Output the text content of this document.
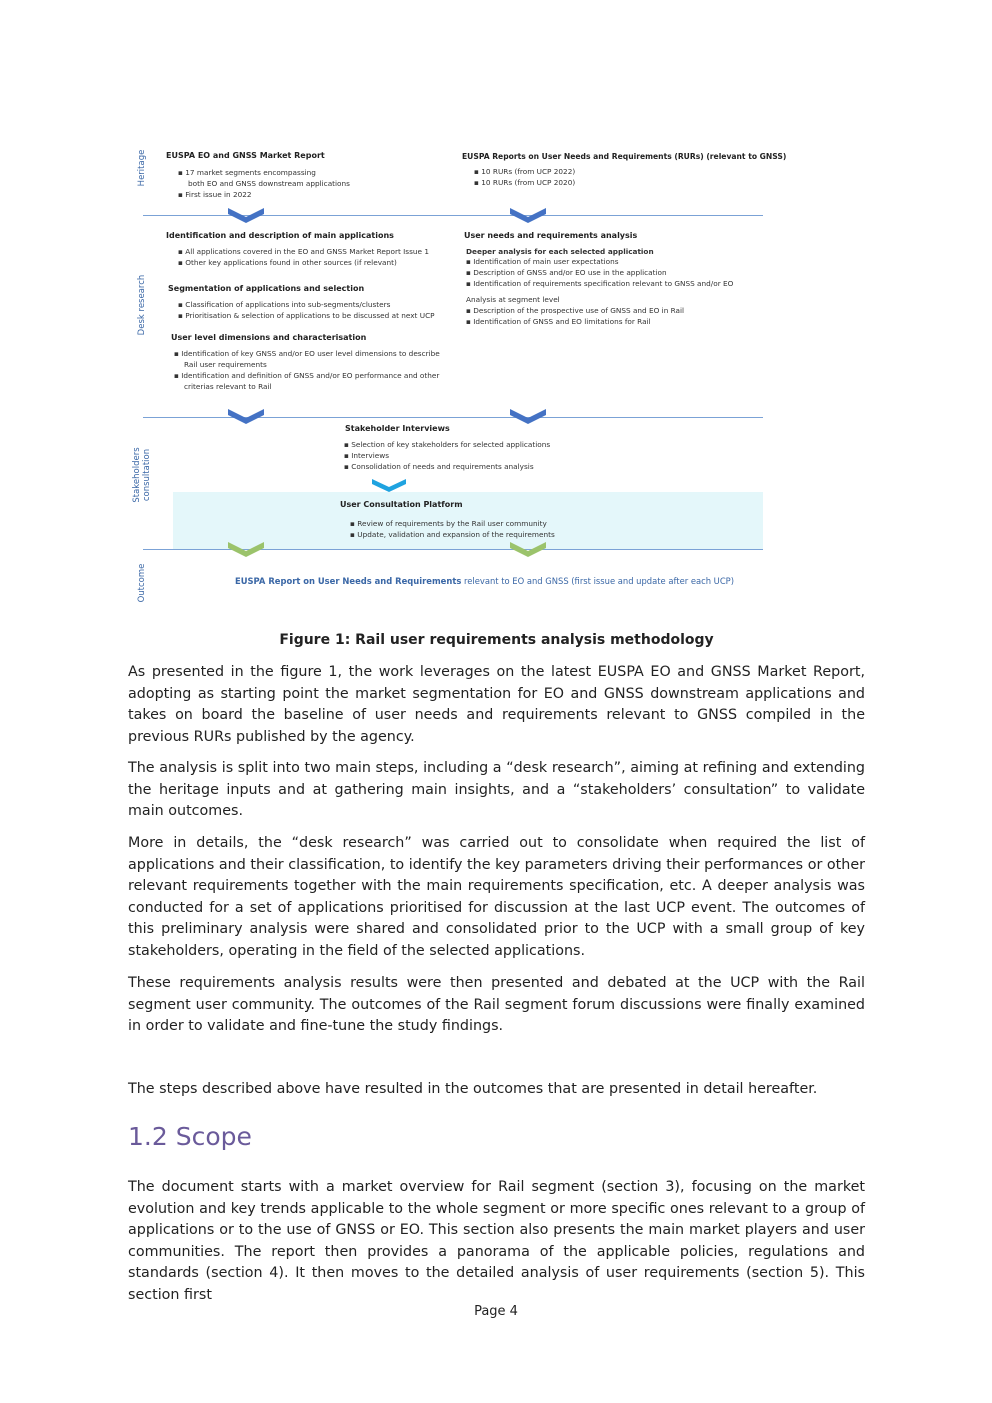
Heritage
Desk research
Stakeholders consultation
Outcome
EUSPA EO and GNSS Market Report
▪ 17 market segments encompassing
both EO and GNSS downstream applications
▪ First issue in 2022
EUSPA Reports on User Needs and Requirements (RURs) (relevant to GNSS)
▪ 10 RURs (from UCP 2022)
▪ 10 RURs (from UCP 2020)
Identification and description of main applications
▪ All applications covered in the EO and GNSS Market Report Issue 1
▪ Other key applications found in other sources (if relevant)
Segmentation of applications and selection
▪ Classification of applications into sub-segments/clusters
▪ Prioritisation & selection of applications to be discussed at next UCP
User level dimensions and characterisation
▪ Identification of key GNSS and/or EO user level dimensions to describe
Rail user requirements
▪ Identification and definition of GNSS and/or EO performance and other
criterias relevant to Rail
User needs and requirements analysis
Deeper analysis for each selected application
▪ Identification of main user expectations
▪ Description of GNSS and/or EO use in the application
▪ Identification of requirements specification relevant to GNSS and/or EO
Analysis at segment level
▪ Description of the prospective use of GNSS and EO in Rail
▪ Identification of GNSS and EO limitations for Rail
Stakeholder Interviews
▪ Selection of key stakeholders for selected applications
▪ Interviews
▪ Consolidation of needs and requirements analysis
User Consultation Platform
▪ Review of requirements by the Rail user community
▪ Update, validation and expansion of the requirements
EUSPA Report on User Needs and Requirements relevant to EO and GNSS (first issue and update after each UCP)
Figure 1: Rail user requirements analysis methodology

As presented in the figure 1, the work leverages on the latest EUSPA EO and GNSS Market Report, adopting as starting point the market segmentation for EO and GNSS downstream applications and takes on board the baseline of user needs and requirements relevant to GNSS compiled in the previous RURs published by the agency.

The analysis is split into two main steps, including a “desk research”, aiming at refining and extending the heritage inputs and at gathering main insights, and a “stakeholders’ consultation” to validate main outcomes.

More in details, the “desk research” was carried out to consolidate when required the list of applications and their classification, to identify the key parameters driving their performances or other relevant requirements together with the main requirements specification, etc. A deeper analysis was conducted for a set of applications prioritised for discussion at the last UCP event. The outcomes of this preliminary analysis were shared and consolidated prior to the UCP with a small group of key stakeholders, operating in the field of the selected applications.

These requirements analysis results were then presented and debated at the UCP with the Rail segment user community. The outcomes of the Rail segment forum discussions were finally examined in order to validate and fine-tune the study findings.

The steps described above have resulted in the outcomes that are presented in detail hereafter.

1.2 Scope

The document starts with a market overview for Rail segment (section 3), focusing on the market evolution and key trends applicable to the whole segment or more specific ones relevant to a group of applications or to the use of GNSS or EO. This section also presents the main market players and user communities. The report then provides a panorama of the applicable policies, regulations and standards (section 4). It then moves to the detailed analysis of user requirements (section 5). This section first

Page 4
